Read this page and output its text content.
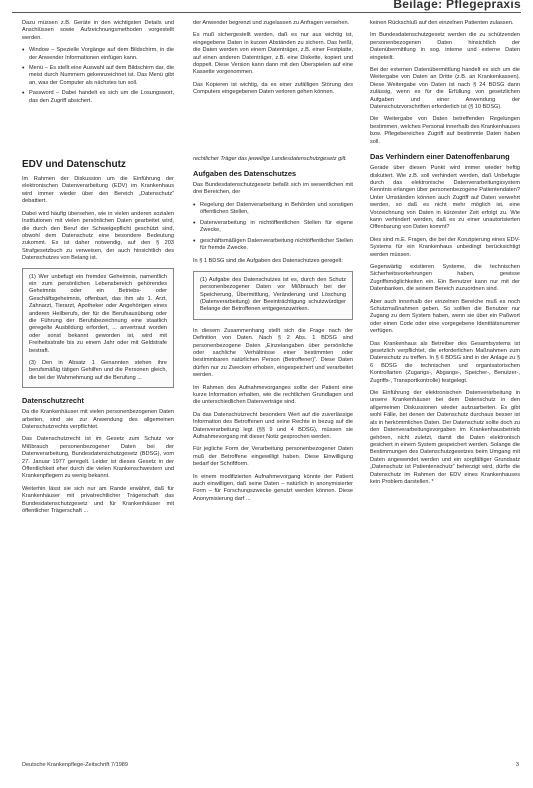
Beilage: Pflegepraxis

Dazu müssen z.B. Geräte in den wichtigsten Details und Anschlüssen sowie Aufzeichnungsmethoden vorgestellt werden.

• Window – Spezielle Vorgänge auf dem Bildschirm, in die der Anwender Informationen einfügen kann.
• Menü – Es stellt eine Auswahl auf dem Bildschirm dar, die meist durch Nummern gekennzeichnet ist. Das Menü gibt an, was der Computer als nächstes tun soll.
• Password – Dabei handelt es sich um die Losungswort, das den Zugriff absichert.
EDV und Datenschutz

Im Rahmen der Diskussion um die Einführung der elektronischen Datenverarbeitung (EDV) im Krankenhaus wird immer wieder über den Bereich „Datenschutz“ debattiert.

Dabei wird häufig übersehen, wie in vielen anderen sozialen Institutionen mit vielen persönlichen Daten gearbeitet wird, die durch den Beruf der Schweigepflicht geschützt sind, obwohl dem Datenschutz eine besondere Bedeutung zukommt. Es ist daher notwendig, auf den § 203 Strafgesetzbuch zu verweisen, der auch hinsichtlich des Datenschutzes von Belang ist.

(1) Wer unbefugt ein fremdes Geheimnis, namentlich ein zum persönlichen Lebensbereich gehörendes Geheimnis oder ein Betriebs- oder Geschäftsgeheimnis, offenbart, das ihm als 1. Arzt, Zahnarzt, Tierarzt, Apotheker oder Angehörigen eines anderen Heilberufs, der für die Berufsausübung oder die Führung der Berufsbezeichnung eine staatlich geregelte Ausbildung erfordert, ... anvertraut worden oder sonst bekannt geworden ist, wird mit Freiheitsstrafe bis zu einem Jahr oder mit Geldstrafe bestraft.

(3) Den in Absatz 1 Genannten stehen ihre berufsmäßig tätigen Gehilfen und die Personen gleich, die bei der Wahrnehmung auf die Berufung ...

Datenschutzrecht

Da die Krankenhäuser mit vielen personenbezogenen Daten arbeiten, sind sie zur Anwendung des allgemeinen Datenschutzrechts verpflichtet.

Das Datenschutzrecht ist im Gesetz zum Schutz vor Mißbrauch personenbezogener Daten bei der Datenverarbeitung, Bundesdatenschutzgesetz (BDSG), vom 27. Januar 1977 geregelt. Leider ist dieses Gesetz in der Öffentlichkeit eher durch die vielen Krankenschwestern und Krankenpflegern zu wenig bekannt.

Weiterhin lässt sie sich nur am Rande erwähnt, daß für Krankenhäuser mit privatrechtlicher Trägerschaft das Bundesdatenschutzgesetz und für Krankenhäuser mit öffentlicher Trägerschaft ...

der Anwender begrenzt und zugelassen zu Anfragen versehen.

Es muß sichergestellt werden, daß es nur aus wichtig ist, eingegebene Daten in kurzen Abständen zu sichern. Das heißt, die Daten werden von einem Datenträger, z.B. einer Festplatte, auf einen anderen Datenträger, z.B. eine Diskette, kopiert und doppelt. Diese Version kann dann mit den Überspielen auf eine Kassette vorgenommen.

Das Kopieren ist wichtig, da es einer zufälligen Störung des Computers eingegebenen Daten verloren gehen können.

rechtlicher Träger das jeweilige Landesdatenschutzgesetz gilt.

Aufgaben des Datenschutzes

Das Bundesdatenschutzgesetz befaßt sich im wesentlichen mit drei Bereichen, der

• Regelung der Datenverarbeitung in Behörden und sonstigen öffentlichen Stellen,
• Datenverarbeitung in nichtöffentlichen Stellen für eigene Zwecke,
• geschäftsmäßigen Datenverarbeitung nichtöffentlicher Stellen für fremde Zwecke.

In § 1 BDSG sind die Aufgaben des Datenschutzes geregelt:

(1) Aufgabe des Datenschutzes ist es, durch den Schutz personenbezogener Daten vor Mißbrauch bei der Speicherung, Übermittlung, Veränderung und Löschung (Datenverarbeitung) der Beeinträchtigung schutzwürdiger Belange der Betroffenen entgegenzuwirken.

In diesem Zusammenhang stellt sich die Frage nach der Definition von Daten. Nach § 2 Abs. 1 BDSG sind personenbezogene Daten „Einzelangaben über persönliche oder sachliche Verhältnisse einer bestimmten oder bestimmbaren natürlichen Person (Betroffener)“. Diese Daten dürfen nur zu Zwecken erhoben, eingespeichert und verarbeitet werden.

Im Rahmen des Aufnahmevorganges sollte der Patient eine kurze Information erhalten, wie die rechtlichen Grundlagen und die unterschiedlichen Datenverträge sind.

Da das Datenschutzrecht besonders Wert auf die zuverlässige Information des Betroffenen und seine Rechte in bezug auf die Datenverarbeitung legt (§§ 9 und 4 BDSG), müssen sie Aufnahmevorgang mit dieser Notiz gesprochen werden.

Für jegliche Form der Verarbeitung personenbezogener Daten muß der Betroffene eingewilligt haben. Diese Einwilligung bedarf der Schriftform.

In einem modifizierten Aufnahmevorgang könnte der Patient auch einwilligen, daß seine Daten – natürlich in anonymisierter Form – für Forschungszwecke genutzt werden können. Diese Anonymisierung darf ...

keinen Rückschluß auf den einzelnen Patienten zulassen.

Im Bundesdatenschutzgesetz werden die zu schützenden personenbezogenen Daten hinsichtlich der Datenübermittlung in sog. interne und externe Daten eingeteilt.

Bei der externen Datenübermittlung handelt es sich um die Weitergabe von Daten an Dritte (z.B. an Krankenkassen). Diese Weitergabe von Daten ist nach § 24 BDSG dann zulässig, wenn es für die Erfüllung von gesetzlichen Aufgaben und einer Anwendung der Datenschutzvorschriften erforderlich ist (§ 10 BDSG).

Die Weitergabe von Daten betreffenden Regelungen bestimmen, welches Personal innerhalb des Krankenhauses bzw. Pflegebereiches Zugriff auf bestimmte Daten haben soll.

Das Verhindern einer Datenoffenbarung

Gerade über diesen Punkt wird immer wieder heftig diskutiert. Wie z.B. soll verhindert werden, daß Unbefugte durch das elektronische Datenverarbeitungssystem Kenntnis erlangen über personenbezogene Patientendaten? Unter Umständen können auch Zugriff auf Daten verwehrt werden, so daß es nicht mehr möglich ist, eine Vorzeichnung von Daten in kürzester Zeit erfolgt zu. Wie kann verhindert werden, daß es zu einer unautorisierten Offenbarung von Daten kommt?

Dies sind m.E. Fragen, die bei der Konzipierung eines EDV-Systems für ein Krankenhaus unbedingt berücksichtigt werden müssen.

Gegenwärtig existieren Systeme, die technischen Sicherheitsvorkehrungen haben, gewisse Zugriffsmöglichkeiten ein. Ein Benutzer kann nur mit der Datenbanken, die seinem Bereich zuzuordnen sind.

Aber auch innerhalb der einzelnen Bereiche muß es noch Schutzmaßnahmen geben. So sollten die Benutzer nur Zugang zu dem System haben, wenn sie über ein Paßwort oder einen Code oder eine vorgegebene Identitätsnummer verfügen.

Das Krankenhaus als Betreiber des Gesamtsystems ist gesetzlich verpflichtet, die erforderlichen Maßnahmen zum Datenschutz zu treffen. In § 6 BDSG sind in der Anlage zu § 6 BDSG die technischen und organisatorischen Kontrollarten (Zugangs-, Abgangs-, Speicher-, Benutzer-, Zugriffs-, Transportkontrolle) festgelegt.

Die Einführung der elektronischen Datenverarbeitung in unsere Krankenhäuser bei dem Datenschutz in den allgemeinen Diskussionen wieder aufzuarbeiten. Es gibt wohl Fälle, bei denen der Datenschutz durchaus besser ist als in herkömmlichen Daten. Der Datenschutz sollte doch zu den Datenverarbeitungsvorgaben im Krankenhausbetrieb gehören, nicht zuletzt, damit die Daten elektronisch gesichert in einem System gespeichert werden. Solange die Bestimmungen des Datenschutzgesetzes beim Umgang mit Daten angewendet werden und ein sorgfältiger Grundsatz „Datenschutz ist Patientenschutz“ beherzigt wird, dürfte die Datenschutz im Rahmen der EDV eines Krankenhauses kein Problem darstellen. *

Deutsche Krankenpflege-Zeitschrift 7/1989	3
